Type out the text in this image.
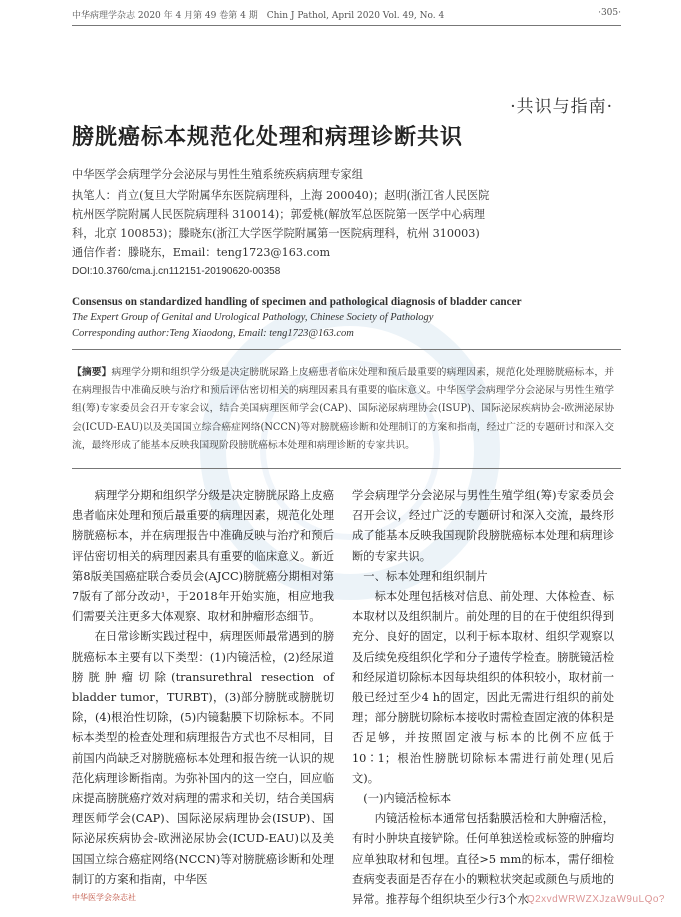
中华病理学杂志 2020 年 4 月第 49 卷第 4 期　Chin J Pathol, April 2020 Vol. 49, No. 4	·305·
·共识与指南·
膀胱癌标本规范化处理和病理诊断共识
中华医学会病理学分会泌尿与男性生殖系统疾病病理专家组
执笔人：肖立(复旦大学附属华东医院病理科，上海 200040)；赵明(浙江省人民医院
杭州医学院附属人民医院病理科 310014)；郭爱桃(解放军总医院第一医学中心病理
科，北京 100853)；滕晓东(浙江大学医学院附属第一医院病理科，杭州 310003)
通信作者：滕晓东，Email：teng1723@163.com
DOI:10.3760/cma.j.cn112151-20190620-00358
Consensus on standardized handling of specimen and pathological diagnosis of bladder cancer
The Expert Group of Genital and Urological Pathology, Chinese Society of Pathology
Corresponding author:Teng Xiaodong, Email: teng1723@163.com
【摘要】病理学分期和组织学分级是决定膀胱尿路上皮癌患者临床处理和预后最重要的病理因素，规范化处理膀胱癌标本，并在病理报告中准确反映与治疗和预后评估密切相关的病理因素具有重要的临床意义。中华医学会病理学分会泌尿与男性生殖学组(筹)专家委员会召开专家会议，结合美国病理医师学会(CAP)、国际泌尿病理协会(ISUP)、国际泌尿疾病协会-欧洲泌尿协会(ICUD-EAU)以及美国国立综合癌症网络(NCCN)等对膀胱癌诊断和处理制订的方案和指南，经过广泛的专题研讨和深入交流，最终形成了能基本反映我国现阶段膀胱癌标本处理和病理诊断的专家共识。

病理学分期和组织学分级是决定膀胱尿路上皮癌患者临床处理和预后最重要的病理因素，规范化处理膀胱癌标本，并在病理报告中准确反映与治疗和预后评估密切相关的病理因素具有重要的临床意义。新近第8版美国癌症联合委员会(AJCC)膀胱癌分期相对第7版有了部分改动¹，于2018年开始实施，相应地我们需要关注更多大体观察、取材和肿瘤形态细节。

在日常诊断实践过程中，病理医师最常遇到的膀胱癌标本主要有以下类型：(1)内镜活检，(2)经尿道膀胱肿瘤切除(transurethral resection of bladder tumor，TURBT)，(3)部分膀胱或膀胱切除，(4)根治性切除，(5)内镜黏膜下切除标本。不同标本类型的检查处理和病理报告方式也不尽相同，目前国内尚缺乏对膀胱癌标本处理和报告统一认识的规范化病理诊断指南。为弥补国内的这一空白，回应临床提高膀胱癌疗效对病理的需求和关切，结合美国病理医师学会(CAP)、国际泌尿病理协会(ISUP)、国际泌尿疾病协会-欧洲泌尿协会(ICUD-EAU)以及美国国立综合癌症网络(NCCN)等对膀胱癌诊断和处理制订的方案和指南，中华医

学会病理学分会泌尿与男性生殖学组(筹)专家委员会召开会议，经过广泛的专题研讨和深入交流，最终形成了能基本反映我国现阶段膀胱癌标本处理和病理诊断的专家共识。

一、标本处理和组织制片

标本处理包括核对信息、前处理、大体检查、标本取材以及组织制片。前处理的目的在于使组织得到充分、良好的固定，以利于标本取材、组织学观察以及后续免疫组织化学和分子遗传学检查。膀胱镜活检和经尿道切除标本因每块组织的体积较小，取材前一般已经过至少4 h的固定，因此无需进行组织的前处理；部分膀胱切除标本接收时需检查固定液的体积是否足够，并按照固定液与标本的比例不应低于10∶1；根治性膀胱切除标本需进行前处理(见后文)。

(一)内镜活检标本

内镜活检标本通常包括黏膜活检和大肿瘤活检，有时小肿块直接铲除。任何单独送检或标签的肿瘤均应单独取材和包埋。直径>5 mm的标本，需仔细检查病变表面是否存在小的颗粒状突起或颜色与质地的异常。推荐每个组织块至少行3个水

中华医学会杂志社	Q2xvdWRWZXJzaW9uLQo?
